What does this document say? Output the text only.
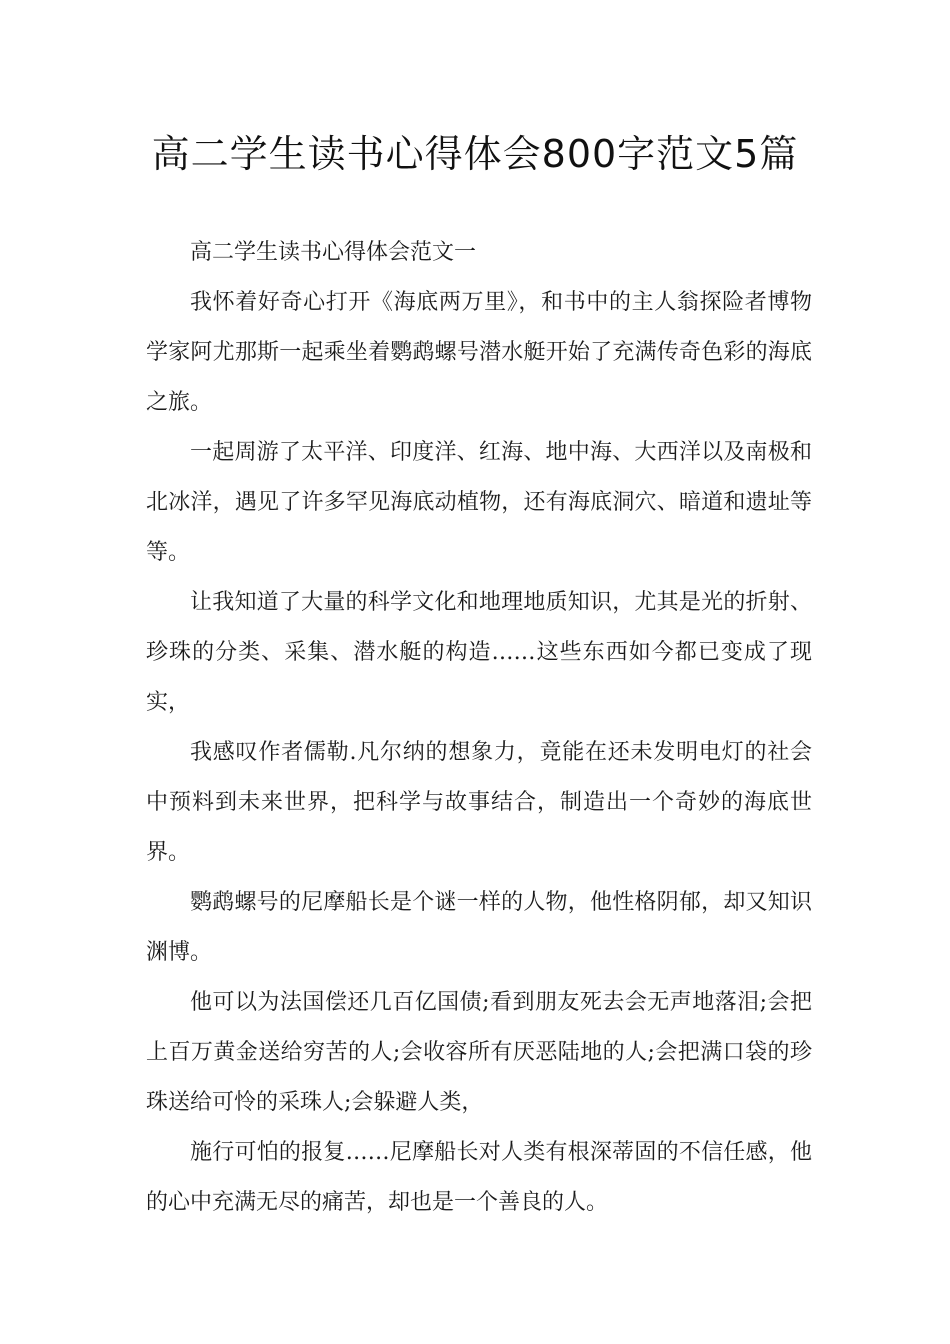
高二学生读书心得体会800字范文5篇

高二学生读书心得体会范文一

我怀着好奇心打开《海底两万里》，和书中的主人翁探险者博物学家阿尤那斯一起乘坐着鹦鹉螺号潜水艇开始了充满传奇色彩的海底之旅。

一起周游了太平洋、印度洋、红海、地中海、大西洋以及南极和北冰洋，遇见了许多罕见海底动植物，还有海底洞穴、暗道和遗址等等。

让我知道了大量的科学文化和地理地质知识，尤其是光的折射、珍珠的分类、采集、潜水艇的构造……这些东西如今都已变成了现实，

我感叹作者儒勒.凡尔纳的想象力，竟能在还未发明电灯的社会中预料到未来世界，把科学与故事结合，制造出一个奇妙的海底世界。

鹦鹉螺号的尼摩船长是个谜一样的人物，他性格阴郁，却又知识渊博。

他可以为法国偿还几百亿国债;看到朋友死去会无声地落泪;会把上百万黄金送给穷苦的人;会收容所有厌恶陆地的人;会把满口袋的珍珠送给可怜的采珠人;会躲避人类，

施行可怕的报复……尼摩船长对人类有根深蒂固的不信任感，他的心中充满无尽的痛苦，却也是一个善良的人。
